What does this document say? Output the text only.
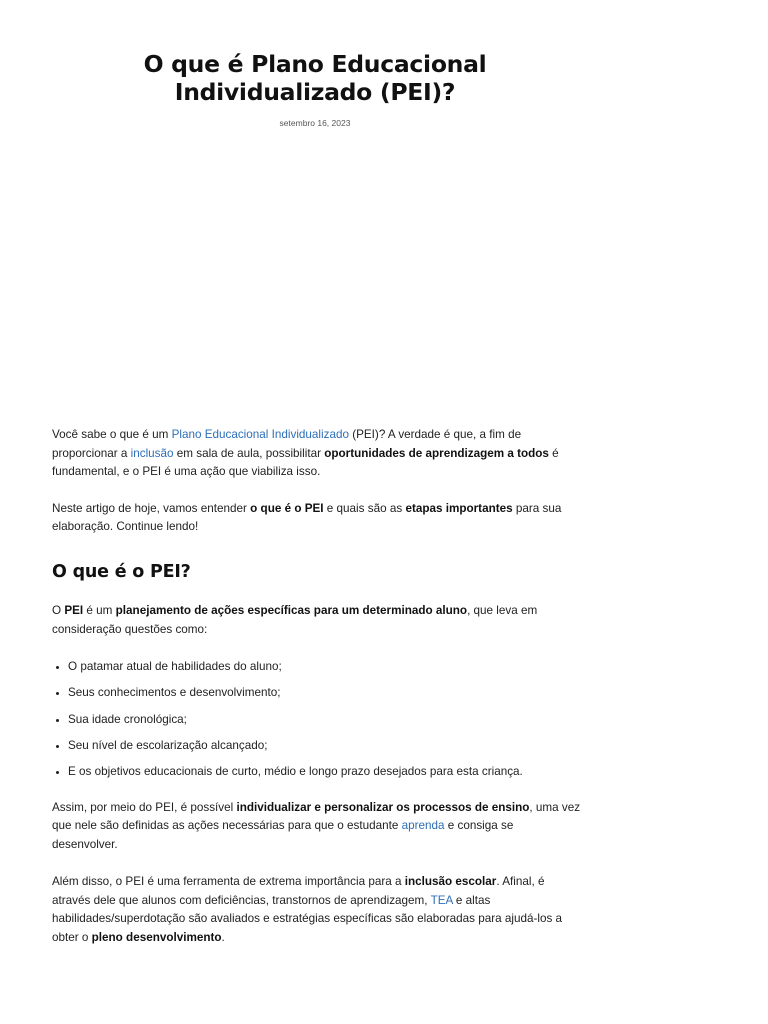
O que é Plano Educacional
Individualizado (PEI)?
setembro 16, 2023

Você sabe o que é um Plano Educacional Individualizado (PEI)? A verdade é que, a fim de proporcionar a inclusão em sala de aula, possibilitar oportunidades de aprendizagem a todos é fundamental, e o PEI é uma ação que viabiliza isso.

Neste artigo de hoje, vamos entender o que é o PEI e quais são as etapas importantes para sua elaboração. Continue lendo!

O que é o PEI?

O PEI é um planejamento de ações específicas para um determinado aluno, que leva em consideração questões como:

• O patamar atual de habilidades do aluno;
• Seus conhecimentos e desenvolvimento;
• Sua idade cronológica;
• Seu nível de escolarização alcançado;
• E os objetivos educacionais de curto, médio e longo prazo desejados para esta criança.

Assim, por meio do PEI, é possível individualizar e personalizar os processos de ensino, uma vez que nele são definidas as ações necessárias para que o estudante aprenda e consiga se desenvolver.

Além disso, o PEI é uma ferramenta de extrema importância para a inclusão escolar. Afinal, é através dele que alunos com deficiências, transtornos de aprendizagem, TEA e altas habilidades/superdotação são avaliados e estratégias específicas são elaboradas para ajudá-los a obter o pleno desenvolvimento.
